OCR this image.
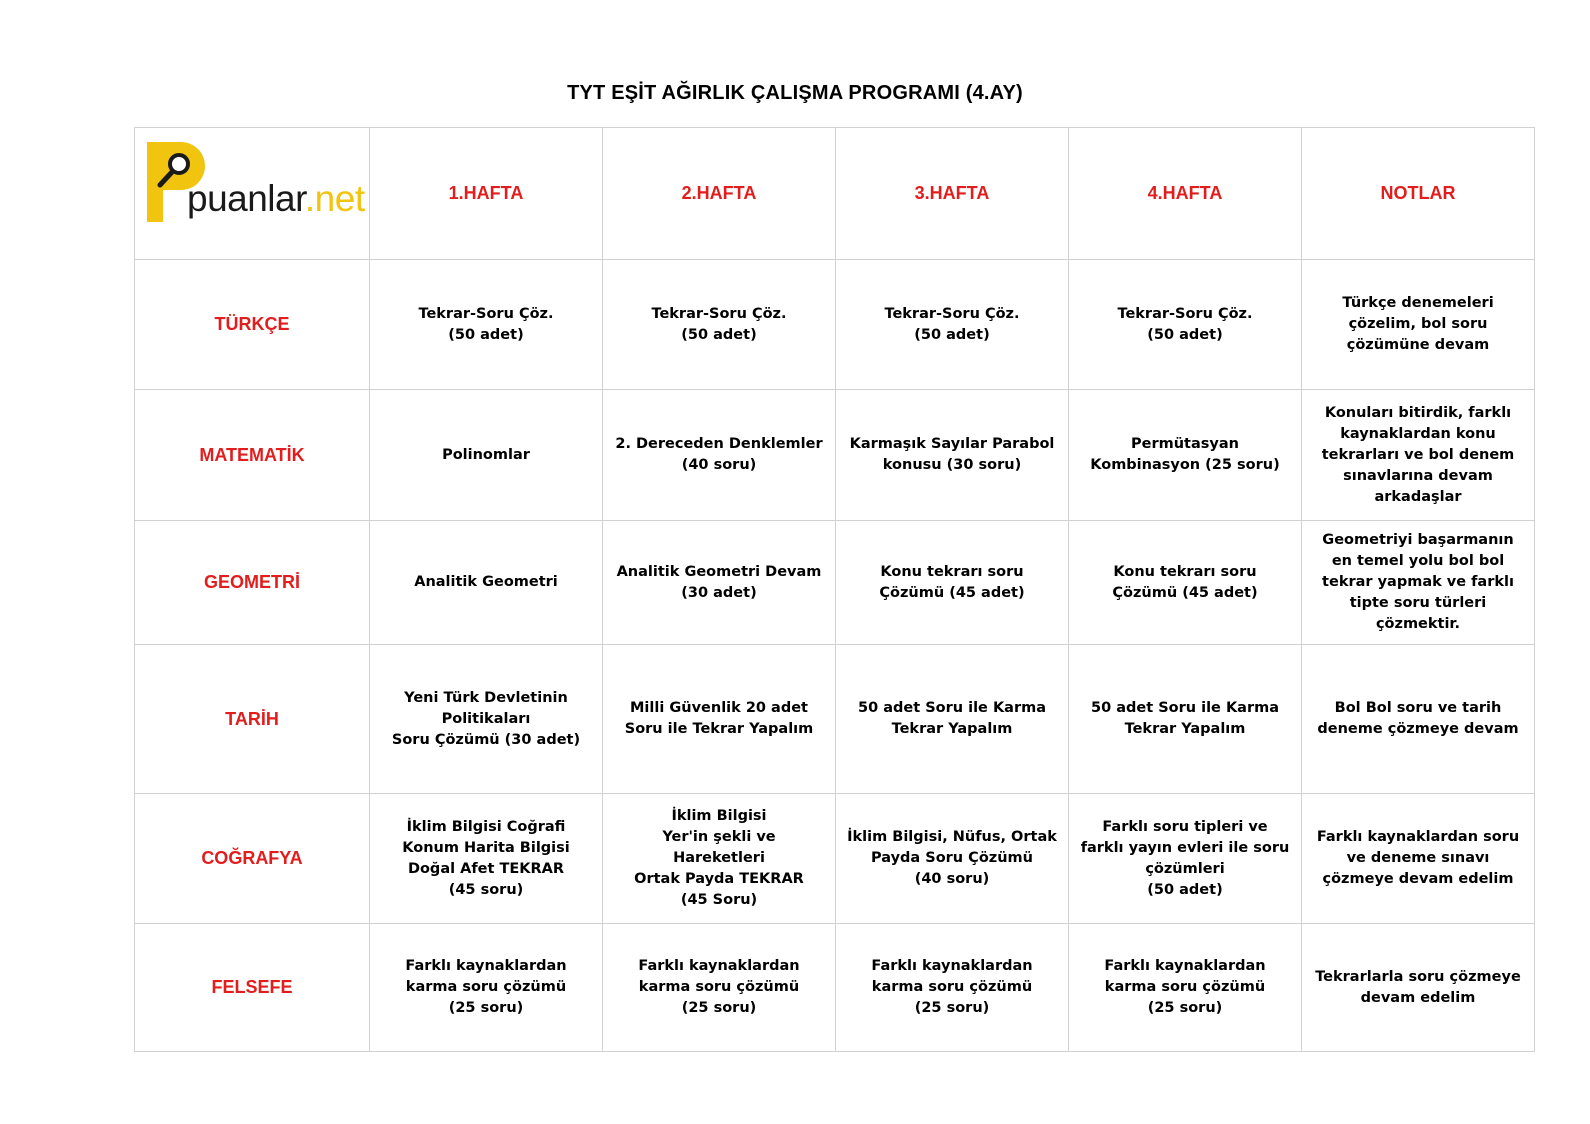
TYT EŞİT AĞIRLIK ÇALIŞMA PROGRAMI (4.AY)
puanlar.net	1.HAFTA	2.HAFTA	3.HAFTA	4.HAFTA	NOTLAR
TÜRKÇE	Tekrar-Soru Çöz.
(50 adet)	Tekrar-Soru Çöz.
(50 adet)	Tekrar-Soru Çöz.
(50 adet)	Tekrar-Soru Çöz.
(50 adet)	Türkçe denemeleri
çözelim, bol soru
çözümüne devam

MATEMATİK	Polinomlar	2. Dereceden Denklemler
(40 soru)	Karmaşık Sayılar Parabol
konusu (30 soru)	Permütasyan
Kombinasyon (25 soru)	Konuları bitirdik, farklı
kaynaklardan konu
tekrarları ve bol denem
sınavlarına devam
arkadaşlar

GEOMETRİ	Analitik Geometri	Analitik Geometri Devam
(30 adet)	Konu tekrarı soru
Çözümü (45 adet)	Konu tekrarı soru
Çözümü (45 adet)	Geometriyi başarmanın
en temel yolu bol bol
tekrar yapmak ve farklı
tipte soru türleri
çözmektir.

TARİH	Yeni Türk Devletinin
Politikaları
Soru Çözümü (30 adet)	Milli Güvenlik 20 adet
Soru ile Tekrar Yapalım	50 adet Soru ile Karma
Tekrar Yapalım	50 adet Soru ile Karma
Tekrar Yapalım	Bol Bol soru ve tarih
deneme çözmeye devam

COĞRAFYA	İklim Bilgisi Coğrafi
Konum Harita Bilgisi
Doğal Afet TEKRAR
(45 soru)	İklim Bilgisi
Yer'in şekli ve
Hareketleri
Ortak Payda TEKRAR
(45 Soru)	İklim Bilgisi, Nüfus, Ortak
Payda Soru Çözümü
(40 soru)	Farklı soru tipleri ve
farklı yayın evleri ile soru
çözümleri
(50 adet)	Farklı kaynaklardan soru
ve deneme sınavı
çözmeye devam edelim

FELSEFE	Farklı kaynaklardan
karma soru çözümü
(25 soru)	Farklı kaynaklardan
karma soru çözümü
(25 soru)	Farklı kaynaklardan
karma soru çözümü
(25 soru)	Farklı kaynaklardan
karma soru çözümü
(25 soru)	Tekrarlarla soru çözmeye
devam edelim
